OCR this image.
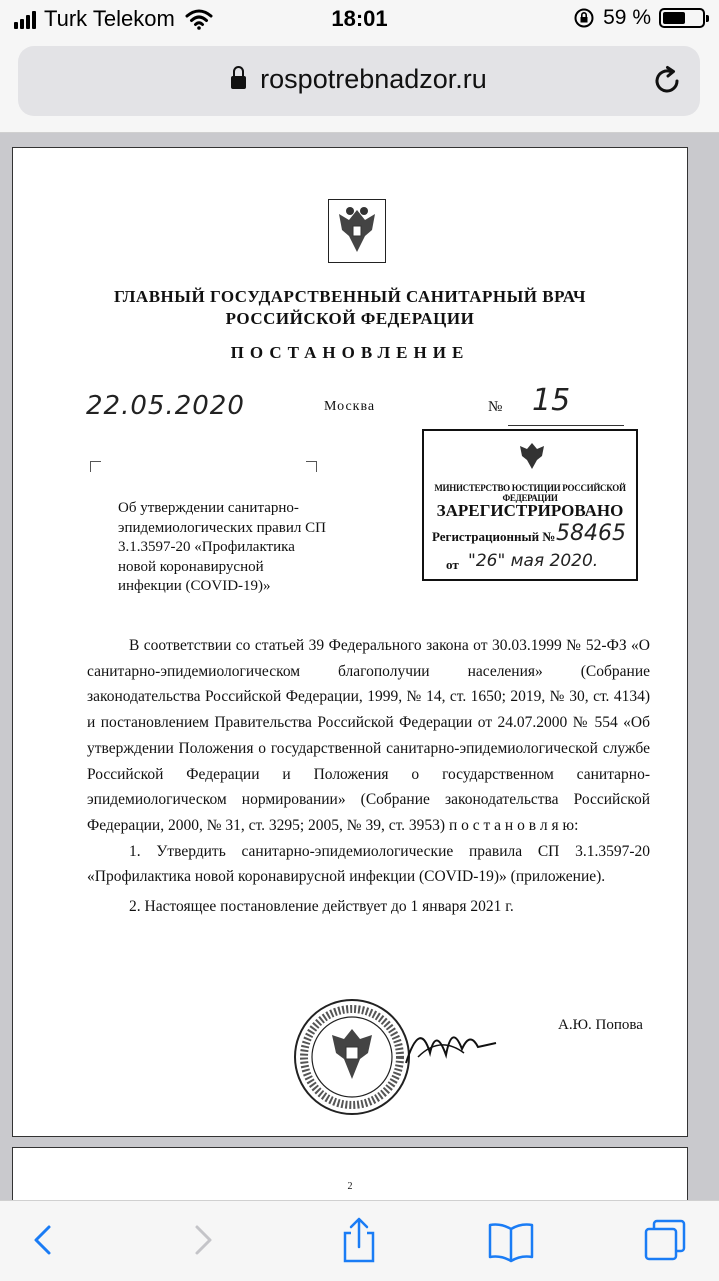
Turk Telekom	18:01	59 %
rospotrebnadzor.ru
ГЛАВНЫЙ ГОСУДАРСТВЕННЫЙ САНИТАРНЫЙ ВРАЧ
РОССИЙСКОЙ ФЕДЕРАЦИИ
ПОСТАНОВЛЕНИЕ
22.05.2020	Москва	№ 15
Об утверждении санитарно-эпидемиологических правил СП 3.1.3597-20 «Профилактика новой коронавирусной инфекции (COVID-19)»
МИНИСТЕРСТВО ЮСТИЦИИ РОССИЙСКОЙ ФЕДЕРАЦИИ
ЗАРЕГИСТРИРОВАНО
Регистрационный № 58465
от "26" мая 2020.

В соответствии со статьей 39 Федерального закона от 30.03.1999 № 52-ФЗ «О санитарно-эпидемиологическом благополучии населения» (Собрание законодательства Российской Федерации, 1999, № 14, ст. 1650; 2019, № 30, ст. 4134) и постановлением Правительства Российской Федерации от 24.07.2000 № 554 «Об утверждении Положения о государственной санитарно-эпидемиологической службе Российской Федерации и Положения о государственном санитарно-эпидемиологическом нормировании» (Собрание законодательства Российской Федерации, 2000, № 31, ст. 3295; 2005, № 39, ст. 3953) п о с т а н о в л я ю:

1. Утвердить санитарно-эпидемиологические правила СП 3.1.3597-20 «Профилактика новой коронавирусной инфекции (COVID-19)» (приложение).

2. Настоящее постановление действует до 1 января 2021 г.

А.Ю. Попова
2
